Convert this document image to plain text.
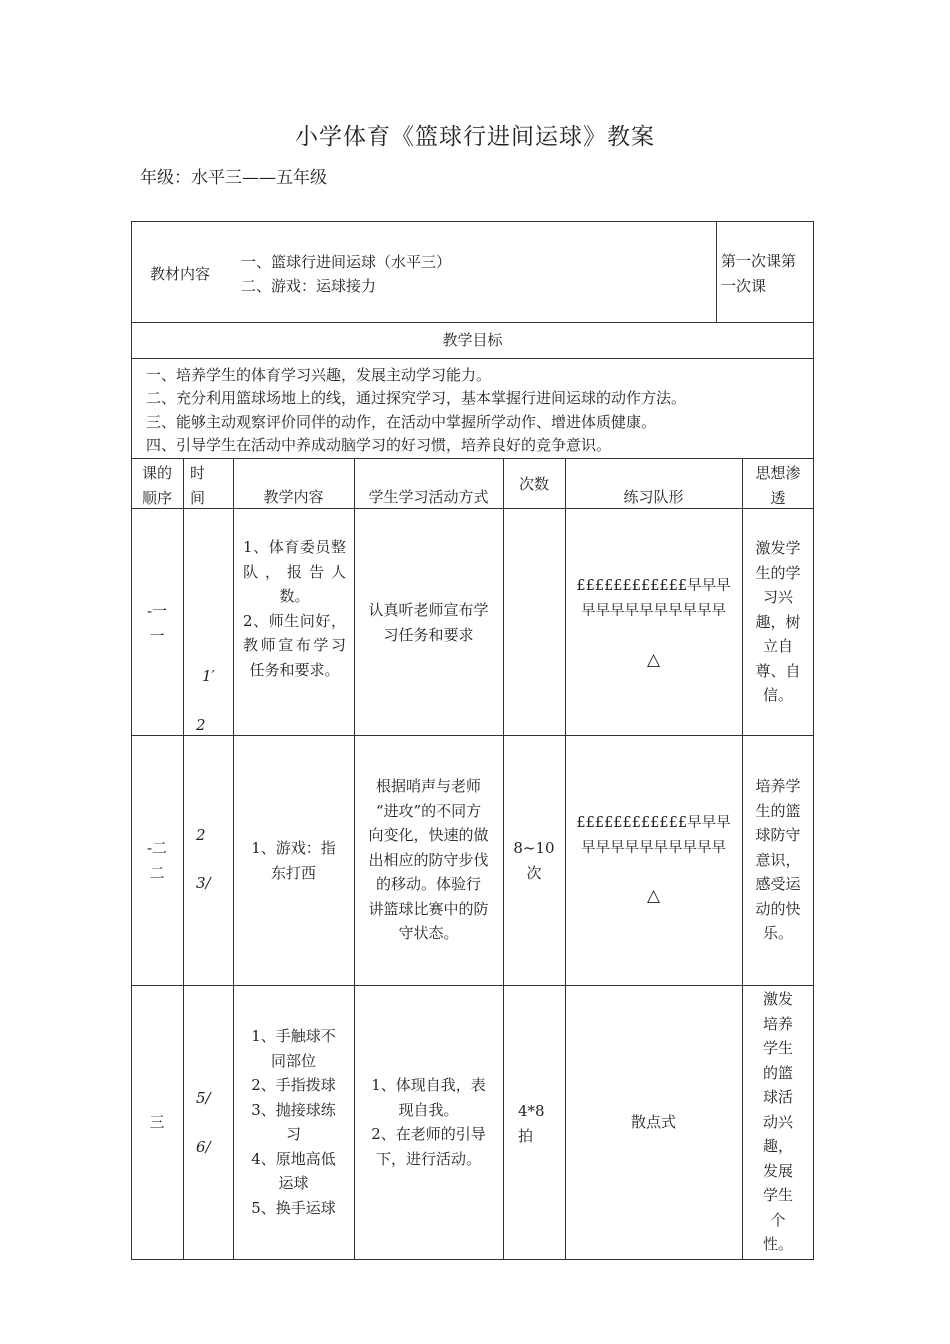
小学体育《篮球行进间运球》教案
年级：水平三——五年级
教材内容
一、篮球行进间运球（水平三）
二、游戏：运球接力
第一次课第
一次课
教学目标
一、培养学生的体育学习兴趣，发展主动学习能力。
二、充分利用篮球场地上的线，通过探究学习，基本掌握行进间运球的动作方法。
三、能够主动观察评价同伴的动作，在活动中掌握所学动作、增进体质健康。
四、引导学生在活动中养成动脑学习的好习惯，培养良好的竞争意识。
课的
顺序
时
间	教学内容	学生学习活动方式
次数
练习队形
思想渗
透
-一
一
1′
2
1、体育委员整队，报告人数。
2、师生问好，教师宣布学习任务和要求。
认真听老师宣布学
习任务和要求
££££££££££££早早早
早早早早早早早早早早
△
激发学
生的学
习兴
趣，树
立自
尊、自
信。
-二
二
2
3/
1、游戏：指
东打西
根据哨声与老师
“进攻”的不同方
向变化，快速的做
出相应的防守步伐
的移动。体验行
讲篮球比赛中的防
守状态。
8~10
次
££££££££££££早早早
早早早早早早早早早早
△
培养学
生的篮
球防守
意识，
感受运
动的快
乐。
三
5/
6/
1、手触球不
同部位
2、手指拨球
3、抛接球练
习
4、原地高低
运球
5、换手运球
1、体现自我，表
现自我。
2、在老师的引导
下，进行活动。
4*8
拍
散点式
激发
培养
学生
的篮
球活
动兴
趣，
发展
学生
个
性。
